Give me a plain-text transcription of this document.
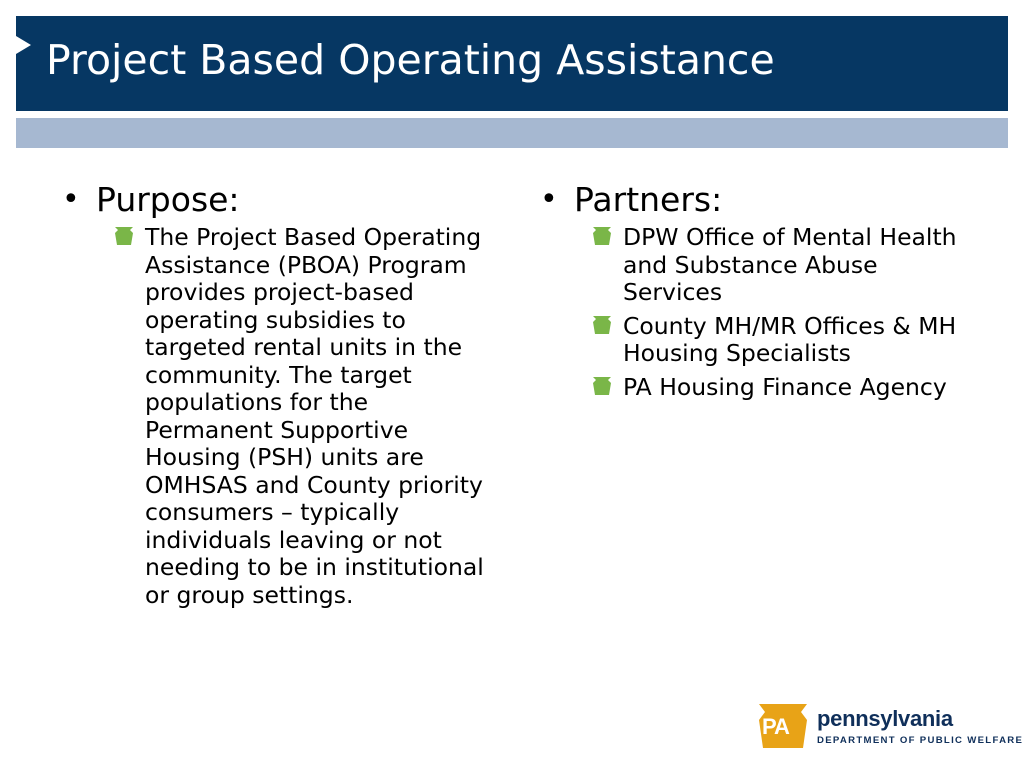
Project Based Operating Assistance
• Purpose:
The Project Based Operating Assistance (PBOA) Program provides project-based operating subsidies to targeted rental units in the community. The target populations for the Permanent Supportive Housing (PSH) units are OMHSAS and County priority consumers – typically individuals leaving or not needing to be in institutional or group settings.
• Partners:
DPW Office of Mental Health and Substance Abuse Services
County MH/MR Offices & MH Housing Specialists
PA Housing Finance Agency
PA pennsylvania
DEPARTMENT OF PUBLIC WELFARE
